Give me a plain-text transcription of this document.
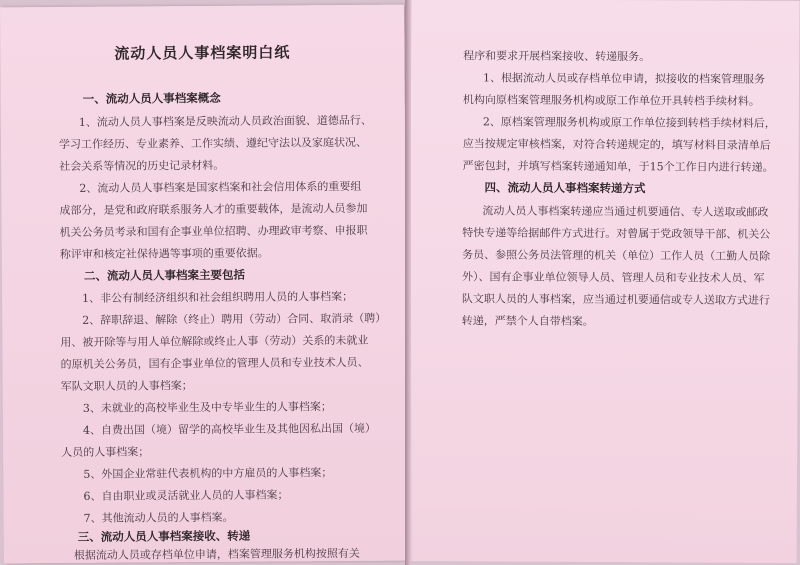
流动人员人事档案明白纸
一、流动人员人事档案概念
1、流动人员人事档案是反映流动人员政治面貌、道德品行、
学习工作经历、专业素养、工作实绩、遵纪守法以及家庭状况、
社会关系等情况的历史记录材料。
2、流动人员人事档案是国家档案和社会信用体系的重要组
成部分，是党和政府联系服务人才的重要载体，是流动人员参加
机关公务员考录和国有企事业单位招聘、办理政审考察、申报职
称评审和核定社保待遇等事项的重要依据。
二、流动人员人事档案主要包括
1、非公有制经济组织和社会组织聘用人员的人事档案；
2、辞职辞退、解除（终止）聘用（劳动）合同、取消录（聘）
用、被开除等与用人单位解除或终止人事（劳动）关系的未就业
的原机关公务员，国有企事业单位的管理人员和专业技术人员、
军队文职人员的人事档案；
3、未就业的高校毕业生及中专毕业生的人事档案；
4、自费出国（境）留学的高校毕业生及其他因私出国（境）
人员的人事档案；
5、外国企业常驻代表机构的中方雇员的人事档案；
6、自由职业或灵活就业人员的人事档案；
7、其他流动人员的人事档案。
三、流动人员人事档案接收、转递
根据流动人员或存档单位申请，档案管理服务机构按照有关
程序和要求开展档案接收、转递服务。
1、根据流动人员或存档单位申请，拟接收的档案管理服务
机构向原档案管理服务机构或原工作单位开具转档手续材料。
2、原档案管理服务机构或原工作单位接到转档手续材料后，
应当按规定审核档案，对符合转递规定的，填写材料目录清单后
严密包封，并填写档案转递通知单，于15个工作日内进行转递。
四、流动人员人事档案转递方式
流动人员人事档案转递应当通过机要通信、专人送取或邮政
特快专递等给据邮件方式进行。对曾属于党政领导干部、机关公
务员、参照公务员法管理的机关（单位）工作人员（工勤人员除
外）、国有企事业单位领导人员、管理人员和专业技术人员、军
队文职人员的人事档案，应当通过机要通信或专人送取方式进行
转递，严禁个人自带档案。
